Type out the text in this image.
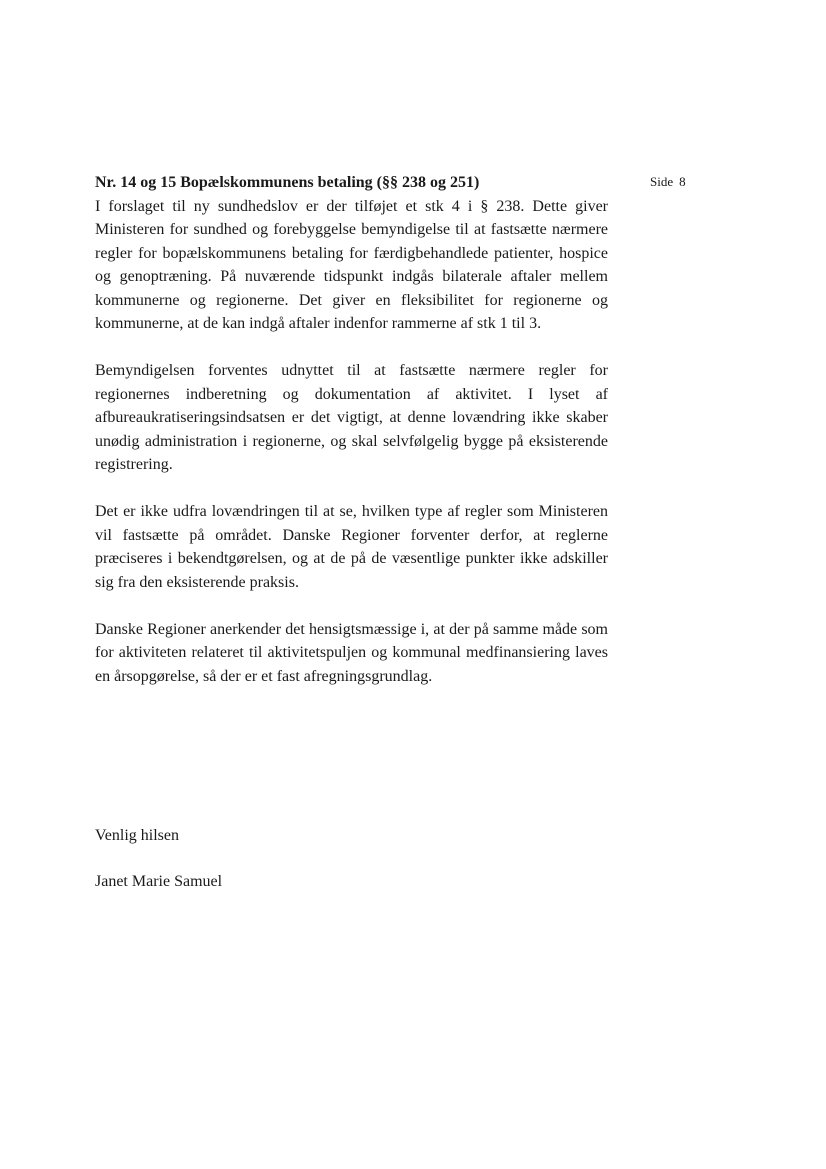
Side 8

Nr. 14 og 15 Bopælskommunens betaling (§§ 238 og 251)

I forslaget til ny sundhedslov er der tilføjet et stk 4 i § 238. Dette giver Ministeren for sundhed og forebyggelse bemyndigelse til at fastsætte nærmere regler for bopælskommunens betaling for færdigbehandlede patienter, hospice og genoptræning. På nuværende tidspunkt indgås bilaterale aftaler mellem kommunerne og regionerne. Det giver en fleksibilitet for regionerne og kommunerne, at de kan indgå aftaler indenfor rammerne af stk 1 til 3.

Bemyndigelsen forventes udnyttet til at fastsætte nærmere regler for regionernes indberetning og dokumentation af aktivitet. I lyset af afbureaukratiseringsindsatsen er det vigtigt, at denne lovændring ikke skaber unødig administration i regionerne, og skal selvfølgelig bygge på eksisterende registrering.

Det er ikke udfra lovændringen til at se, hvilken type af regler som Ministeren vil fastsætte på området. Danske Regioner forventer derfor, at reglerne præciseres i bekendtgørelsen, og at de på de væsentlige punkter ikke adskiller sig fra den eksisterende praksis.

Danske Regioner anerkender det hensigtsmæssige i, at der på samme måde som for aktiviteten relateret til aktivitetspuljen og kommunal medfinansiering laves en årsopgørelse, så der er et fast afregningsgrundlag.

Venlig hilsen

Janet Marie Samuel
